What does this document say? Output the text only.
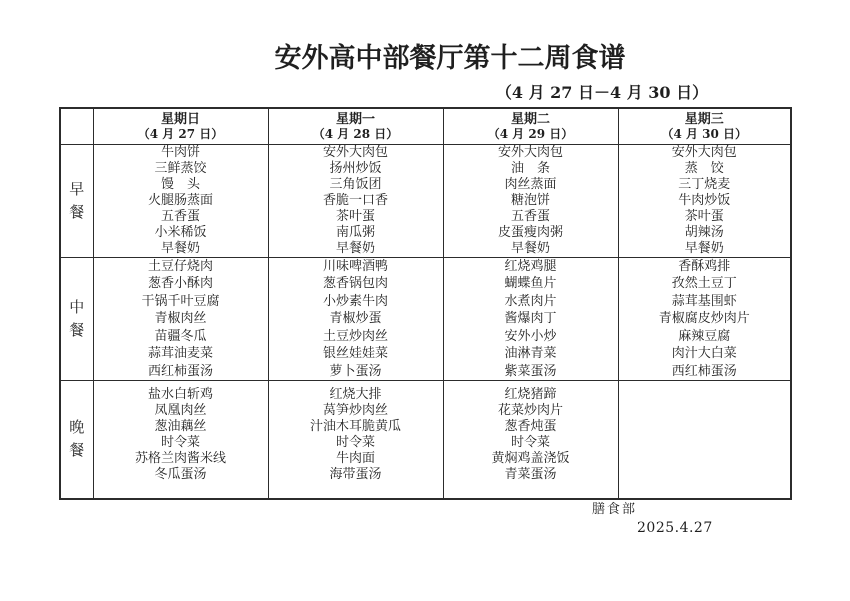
安外高中部餐厅第十二周食谱
（4 月 27 日－4 月 30 日）

星期日
（4 月 27 日）

星期一
（4 月 28 日）

星期二
（4 月 29 日）

星期三
（4 月 30 日）

早
餐

牛肉饼
三鲜蒸饺
馒　头
火腿肠蒸面
五香蛋
小米稀饭
早餐奶

安外大肉包
扬州炒饭
三角饭团
香脆一口香
茶叶蛋
南瓜粥
早餐奶

安外大肉包
油　条
肉丝蒸面
糖泡饼
五香蛋
皮蛋瘦肉粥
早餐奶

安外大肉包
蒸　饺
三丁烧麦
牛肉炒饭
茶叶蛋
胡辣汤
早餐奶

中
餐

土豆仔烧肉
葱香小酥肉
干锅千叶豆腐
青椒肉丝
苗疆冬瓜
蒜茸油麦菜
西红柿蛋汤

川味啤酒鸭
葱香锅包肉
小炒素牛肉
青椒炒蛋
土豆炒肉丝
银丝娃娃菜
萝卜蛋汤

红烧鸡腿
蝴蝶鱼片
水煮肉片
酱爆肉丁
安外小炒
油淋青菜
紫菜蛋汤

香酥鸡排
孜然土豆丁
蒜茸基围虾
青椒腐皮炒肉片
麻辣豆腐
肉汁大白菜
西红柿蛋汤

晚
餐

盐水白斩鸡
凤凰肉丝
葱油藕丝
时令菜
苏格兰肉酱米线
冬瓜蛋汤

红烧大排
莴笋炒肉丝
汁油木耳脆黄瓜
时令菜
牛肉面
海带蛋汤

红烧猪蹄
花菜炒肉片
葱香炖蛋
时令菜
黄焖鸡盖浇饭
青菜蛋汤

膳食部
2025.4.27
